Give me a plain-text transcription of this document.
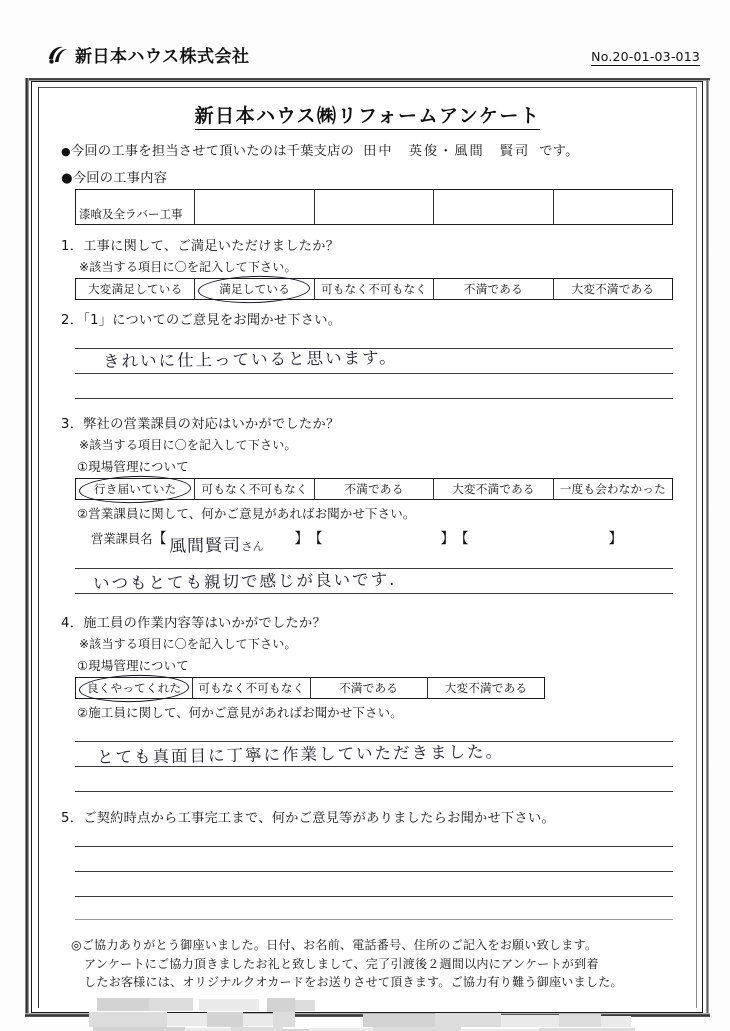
新日本ハウス株式会社	No.20-01-03-013
新日本ハウス㈱リフォームアンケート
●今回の工事を担当させて頂いたのは千葉支店の 田中　英俊・風間　賢司 です。
●今回の工事内容
漆喰及全ラバー工事
1．工事に関して、ご満足いただけましたか？
※該当する項目に〇を記入して下さい。
大変満足している	満足している	可もなく不可もなく	不満である	大変不満である
2．「1」についてのご意見をお聞かせ下さい。
きれいに仕上っていると思います。
3．弊社の営業課員の対応はいかがでしたか？
※該当する項目に〇を記入して下さい。
①現場管理について
行き届いていた	可もなく不可もなく	不満である	大変不満である	一度も会わなかった
②営業課員に関して、何かご意見があればお聞かせ下さい。
営業課員名 【 風間賢司さん 】 【	】 【	】
いつもとても親切で感じが良いです.
4．施工員の作業内容等はいかがでしたか？
※該当する項目に〇を記入して下さい。
①現場管理について
良くやってくれた	可もなく不可もなく	不満である	大変不満である
②施工員に関して、何かご意見があればお聞かせ下さい。
とても真面目に丁寧に作業していただきました。
5．ご契約時点から工事完工まで、何かご意見等がありましたらお聞かせ下さい。
◎ご協力ありがとう御座いました。日付、お名前、電話番号、住所のご記入をお願い致します。
アンケートにご協力頂きましたお礼と致しまして、完了引渡後２週間以内にアンケートが到着
したお客様には、オリジナルクオカードをお送りさせて頂きます。ご協力有り難う御座いました。
